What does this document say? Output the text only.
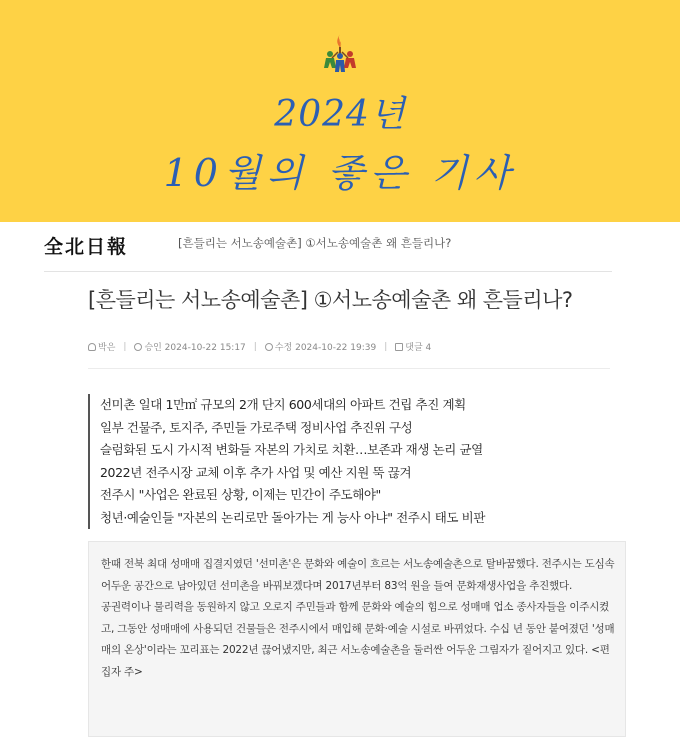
2024년
10월의 좋은 기사
全北日報	[흔들리는 서노송예술촌] ①서노송예술촌 왜 흔들리나?
[흔들리는 서노송예술촌] ①서노송예술촌 왜 흔들리나?
박은 | 승인 2024-10-22 15:17 | 수정 2024-10-22 19:39 | 댓글 4
선미촌 일대 1만㎡ 규모의 2개 단지 600세대의 아파트 건립 추진 계획
일부 건물주, 토지주, 주민들 가로주택 정비사업 추진위 구성
슬럼화된 도시 가시적 변화들 자본의 가치로 치환…보존과 재생 논리 균열
2022년 전주시장 교체 이후 추가 사업 및 예산 지원 뚝 끊겨
전주시 "사업은 완료된 상황, 이제는 민간이 주도해야"
청년·예술인들 "자본의 논리로만 돌아가는 게 능사 아냐" 전주시 태도 비판

한때 전북 최대 성매매 집결지였던 '선미촌'은 문화와 예술이 흐르는 서노송예술촌으로 탈바꿈했다. 전주시는 도심속 어두운 공간으로 남아있던 선미촌을 바꿔보겠다며 2017년부터 83억 원을 들여 문화재생사업을 추진했다.

공권력이나 물리력을 동원하지 않고 오로지 주민들과 함께 문화와 예술의 힘으로 성매매 업소 종사자들을 이주시켰고, 그동안 성매매에 사용되던 건물들은 전주시에서 매입해 문화·예술 시설로 바뀌었다. 수십 년 동안 붙여졌던 '성매매의 온상'이라는 꼬리표는 2022년 끊어냈지만, 최근 서노송예술촌을 둘러싼 어두운 그림자가 짙어지고 있다. <편집자 주>
